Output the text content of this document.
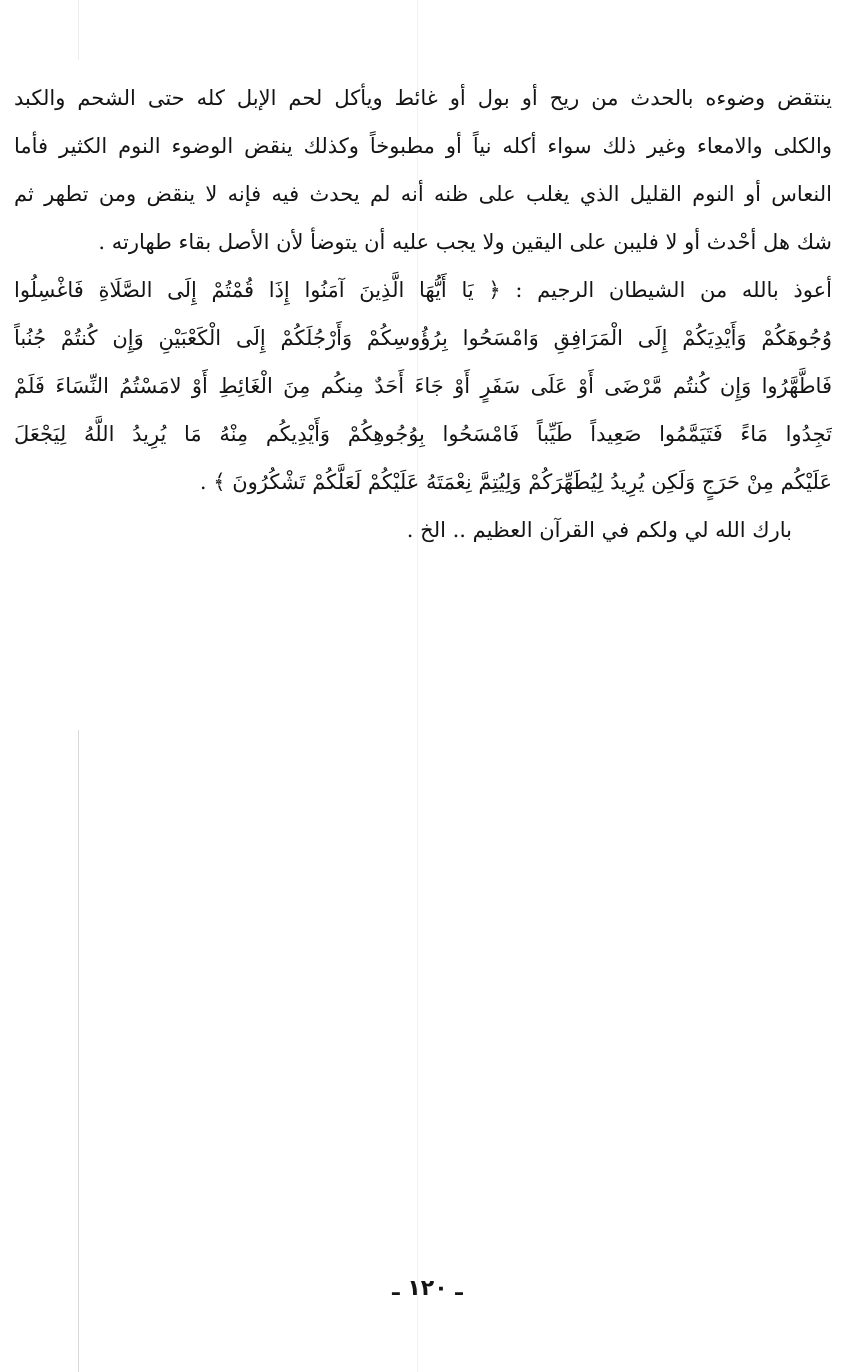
ينتقض وضوءه بالحدث من ريح أو بول أو غائط ويأكل لحم الإبل كله حتى الشحم والكبد
والكلى والامعاء وغير ذلك سواء أكله نياً أو مطبوخاً وكذلك ينقض الوضوء النوم الكثير فأما
النعاس أو النوم القليل الذي يغلب على ظنه أنه لم يحدث فيه فإنه لا ينقض ومن تطهر ثم
شك هل أحْدث أو لا فليبن على اليقين ولا يجب عليه أن يتوضأ لأن الأصل بقاء طهارته .
أعوذ بالله من الشيطان الرجيم : ﴿ يَا أَيُّهَا الَّذِينَ آمَنُوا إِذَا قُمْتُمْ إِلَى الصَّلَاةِ فَاغْسِلُوا
وُجُوهَكُمْ وَأَيْدِيَكُمْ إِلَى الْمَرَافِقِ وَامْسَحُوا بِرُؤُوسِكُمْ وَأَرْجُلَكُمْ إِلَى الْكَعْبَيْنِ وَإِن كُنتُمْ جُنُباً
فَاطَّهَّرُوا وَإِن كُنتُم مَّرْضَى أَوْ عَلَى سَفَرٍ أَوْ جَاءَ أَحَدٌ مِنكُم مِنَ الْغَائِطِ أَوْ لامَسْتُمُ النِّسَاءَ فَلَمْ
تَجِدُوا مَاءً فَتَيَمَّمُوا صَعِيداً طَيِّباً فَامْسَحُوا بِوُجُوهِكُمْ وَأَيْدِيكُم مِنْهُ مَا يُرِيدُ اللَّهُ لِيَجْعَلَ
عَلَيْكُم مِنْ حَرَجٍ وَلَكِن يُرِيدُ لِيُطَهِّرَكُمْ وَلِيُتِمَّ نِعْمَتَهُ عَلَيْكُمْ لَعَلَّكُمْ تَشْكُرُونَ ﴾ .
بارك الله لي ولكم في القرآن العظيم .. الخ .
ـ ١٢٠ ـ
